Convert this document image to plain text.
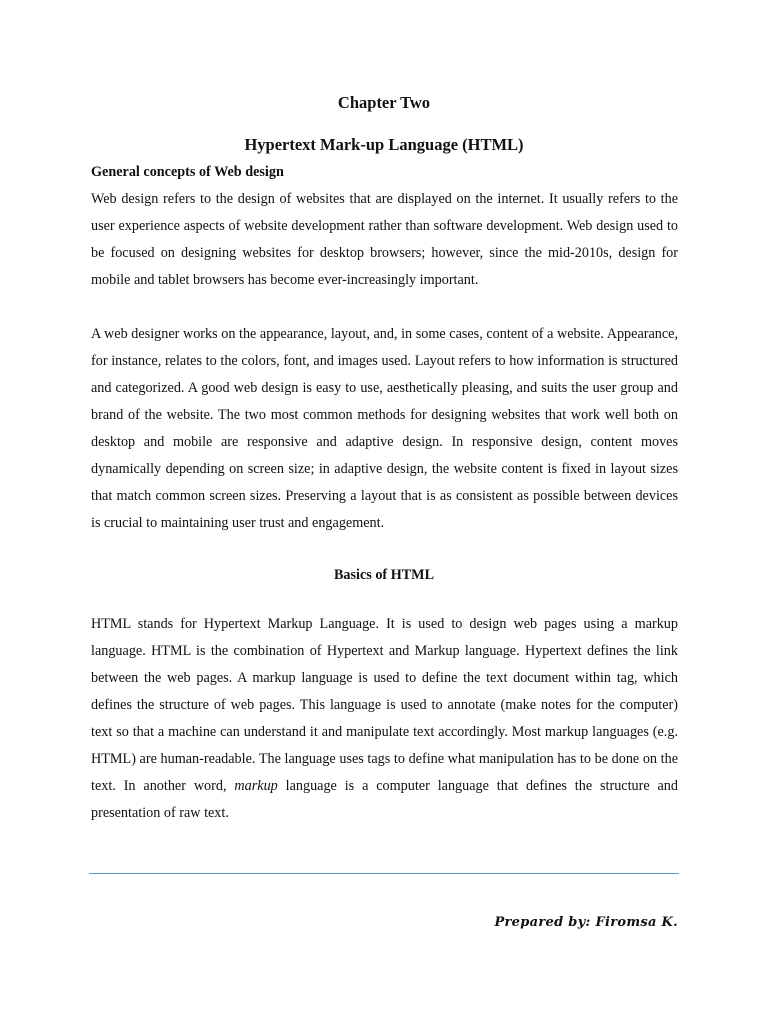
Chapter Two
Hypertext Mark-up Language (HTML)

General concepts of Web design

Web design refers to the design of websites that are displayed on the internet. It usually refers to the user experience aspects of website development rather than software development. Web design used to be focused on designing websites for desktop browsers; however, since the mid-2010s, design for mobile and tablet browsers has become ever-increasingly important.

A web designer works on the appearance, layout, and, in some cases, content of a website. Appearance, for instance, relates to the colors, font, and images used. Layout refers to how information is structured and categorized. A good web design is easy to use, aesthetically pleasing, and suits the user group and brand of the website. The two most common methods for designing websites that work well both on desktop and mobile are responsive and adaptive design. In responsive design, content moves dynamically depending on screen size; in adaptive design, the website content is fixed in layout sizes that match common screen sizes. Preserving a layout that is as consistent as possible between devices is crucial to maintaining user trust and engagement.

Basics of HTML

HTML stands for Hypertext Markup Language. It is used to design web pages using a markup language. HTML is the combination of Hypertext and Markup language. Hypertext defines the link between the web pages. A markup language is used to define the text document within tag, which defines the structure of web pages. This language is used to annotate (make notes for the computer) text so that a machine can understand it and manipulate text accordingly. Most markup languages (e.g. HTML) are human-readable. The language uses tags to define what manipulation has to be done on the text. In another word, markup language is a computer language that defines the structure and presentation of raw text.

Prepared by: Firomsa K.
